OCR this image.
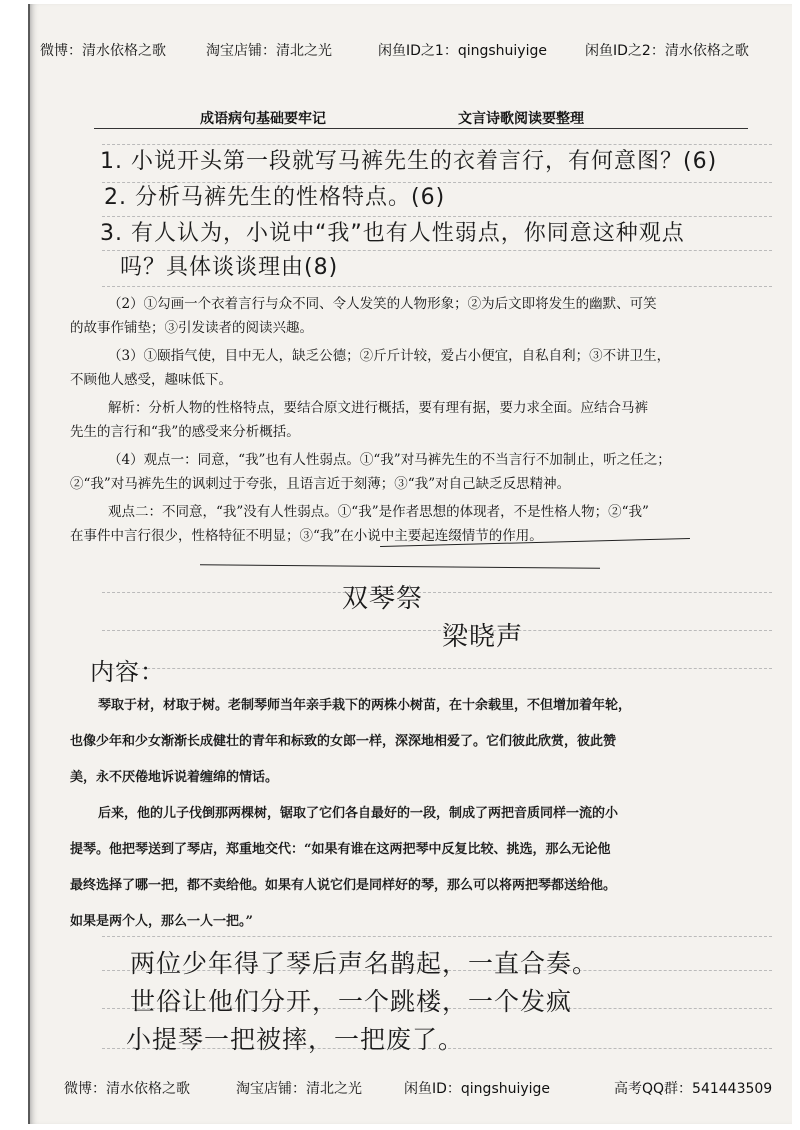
微博：清水依格之歌	淘宝店铺：清北之光	闲鱼ID之1：qingshuiyige	闲鱼ID之2：清水依格之歌
成语病句基础要牢记	文言诗歌阅读要整理
1. 小说开头第一段就写马裤先生的衣着言行，有何意图？(6)
2. 分析马裤先生的性格特点。(6)
3. 有人认为，小说中“我”也有人性弱点，你同意这种观点
吗？具体谈谈理由(8)

（2）①勾画一个衣着言行与众不同、令人发笑的人物形象；②为后文即将发生的幽默、可笑

的故事作铺垫；③引发读者的阅读兴趣。

（3）①颐指气使，目中无人，缺乏公德；②斤斤计较，爱占小便宜，自私自利；③不讲卫生，

不顾他人感受，趣味低下。

解析：分析人物的性格特点，要结合原文进行概括，要有理有据，要力求全面。应结合马裤

先生的言行和“我”的感受来分析概括。

（4）观点一：同意，“我”也有人性弱点。①“我”对马裤先生的不当言行不加制止，听之任之；

②“我”对马裤先生的讽刺过于夸张，且语言近于刻薄；③“我”对自己缺乏反思精神。

观点二：不同意，“我”没有人性弱点。①“我”是作者思想的体现者，不是性格人物；②“我”

在事件中言行很少，性格特征不明显；③“我”在小说中主要起连缀情节的作用。

双琴祭
梁晓声
内容：

琴取于材，材取于树。老制琴师当年亲手栽下的两株小树苗，在十余载里，不但增加着年轮，

也像少年和少女渐渐长成健壮的青年和标致的女郎一样，深深地相爱了。它们彼此欣赏，彼此赞

美，永不厌倦地诉说着缠绵的情话。

后来，他的儿子伐倒那两棵树，锯取了它们各自最好的一段，制成了两把音质同样一流的小

提琴。他把琴送到了琴店，郑重地交代：“如果有谁在这两把琴中反复比较、挑选，那么无论他

最终选择了哪一把，都不卖给他。如果有人说它们是同样好的琴，那么可以将两把琴都送给他。

如果是两个人，那么一人一把。”

两位少年得了琴后声名鹊起，一直合奏。
世俗让他们分开，一个跳楼，一个发疯
小提琴一把被摔，一把废了。
微博：清水依格之歌	淘宝店铺：清北之光	闲鱼ID：qingshuiyige	高考QQ群：541443509
